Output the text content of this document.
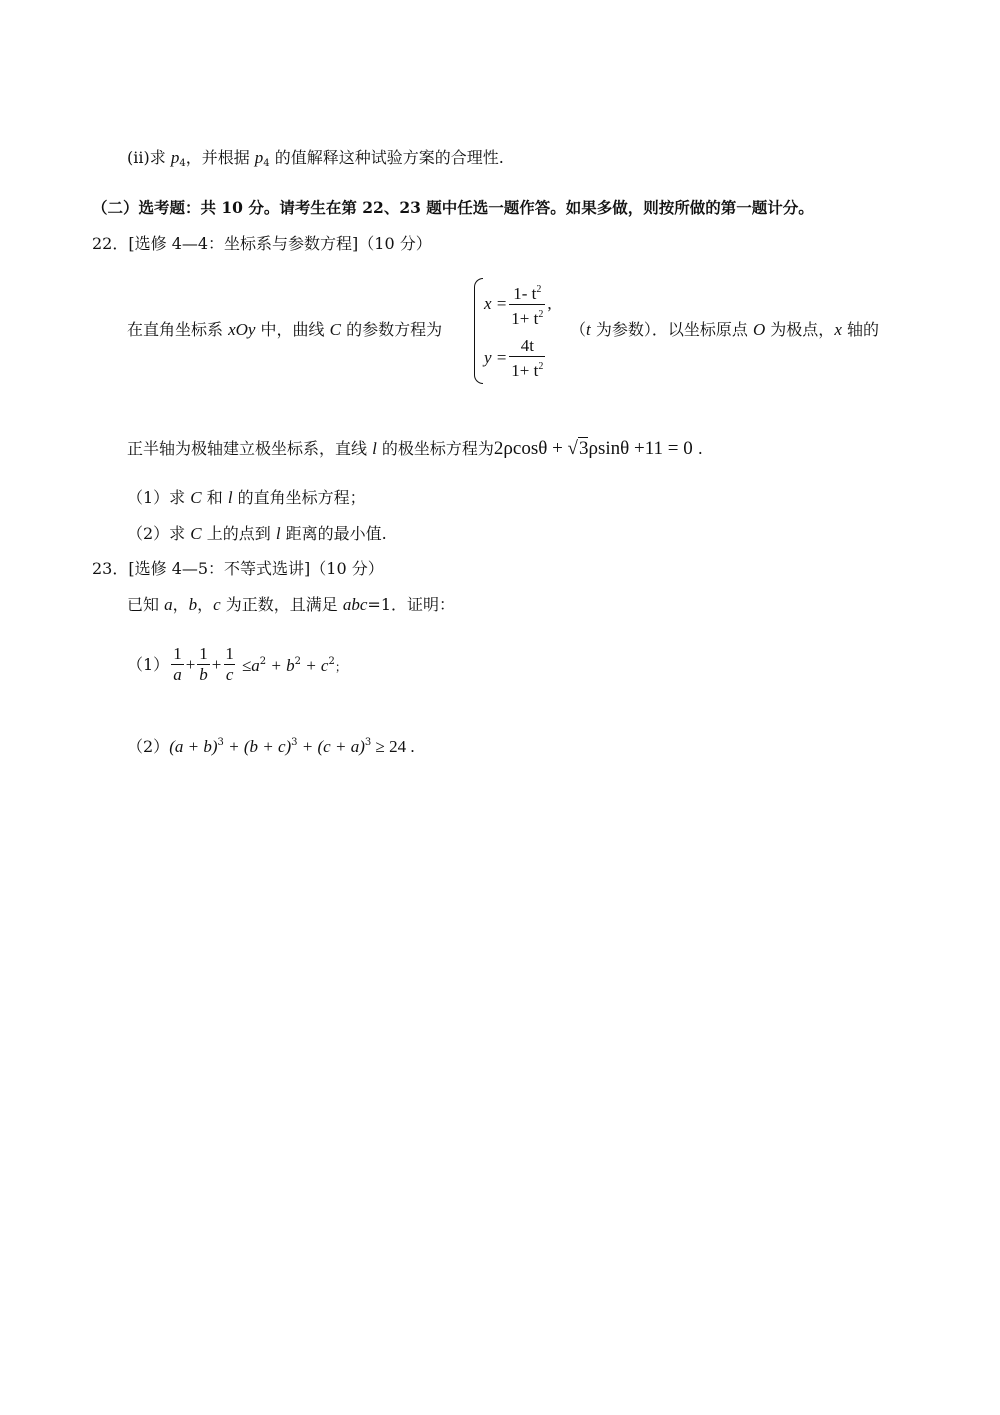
(ii)求 $p_4$，并根据 $p_4$ 的值解释这种试验方案的合理性.
（二）选考题：共 10 分。请考生在第 22、23 题中任选一题作答。如果多做，则按所做的第一题计分。
22．[选修 4—4：坐标系与参数方程]（10 分）
在直角坐标系 xOy 中，曲线 C 的参数方程为
$x = \frac{1- t^2}{1+ t^2}$ ,
$y = \frac{4t}{1+ t^2}$
（t 为参数）．以坐标原点 O 为极点，x 轴的
正半轴为极轴建立极坐标系，直线 l 的极坐标方程为2ρcosθ + √3ρsinθ +11 = 0 .
（1）求 C 和 l 的直角坐标方程；
（2）求 C 上的点到 l 距离的最小值.
23．[选修 4—5：不等式选讲]（10 分）
已知 a，b，c 为正数，且满足 abc=1．证明：
$(1) \frac{1}{a} + \frac{1}{b} + \frac{1}{c} \le a^2 + b^2 + c^2$；
$(2)(a + b)^3 + (b + c)^3 + (c + a)^3 \ge 24$ .
